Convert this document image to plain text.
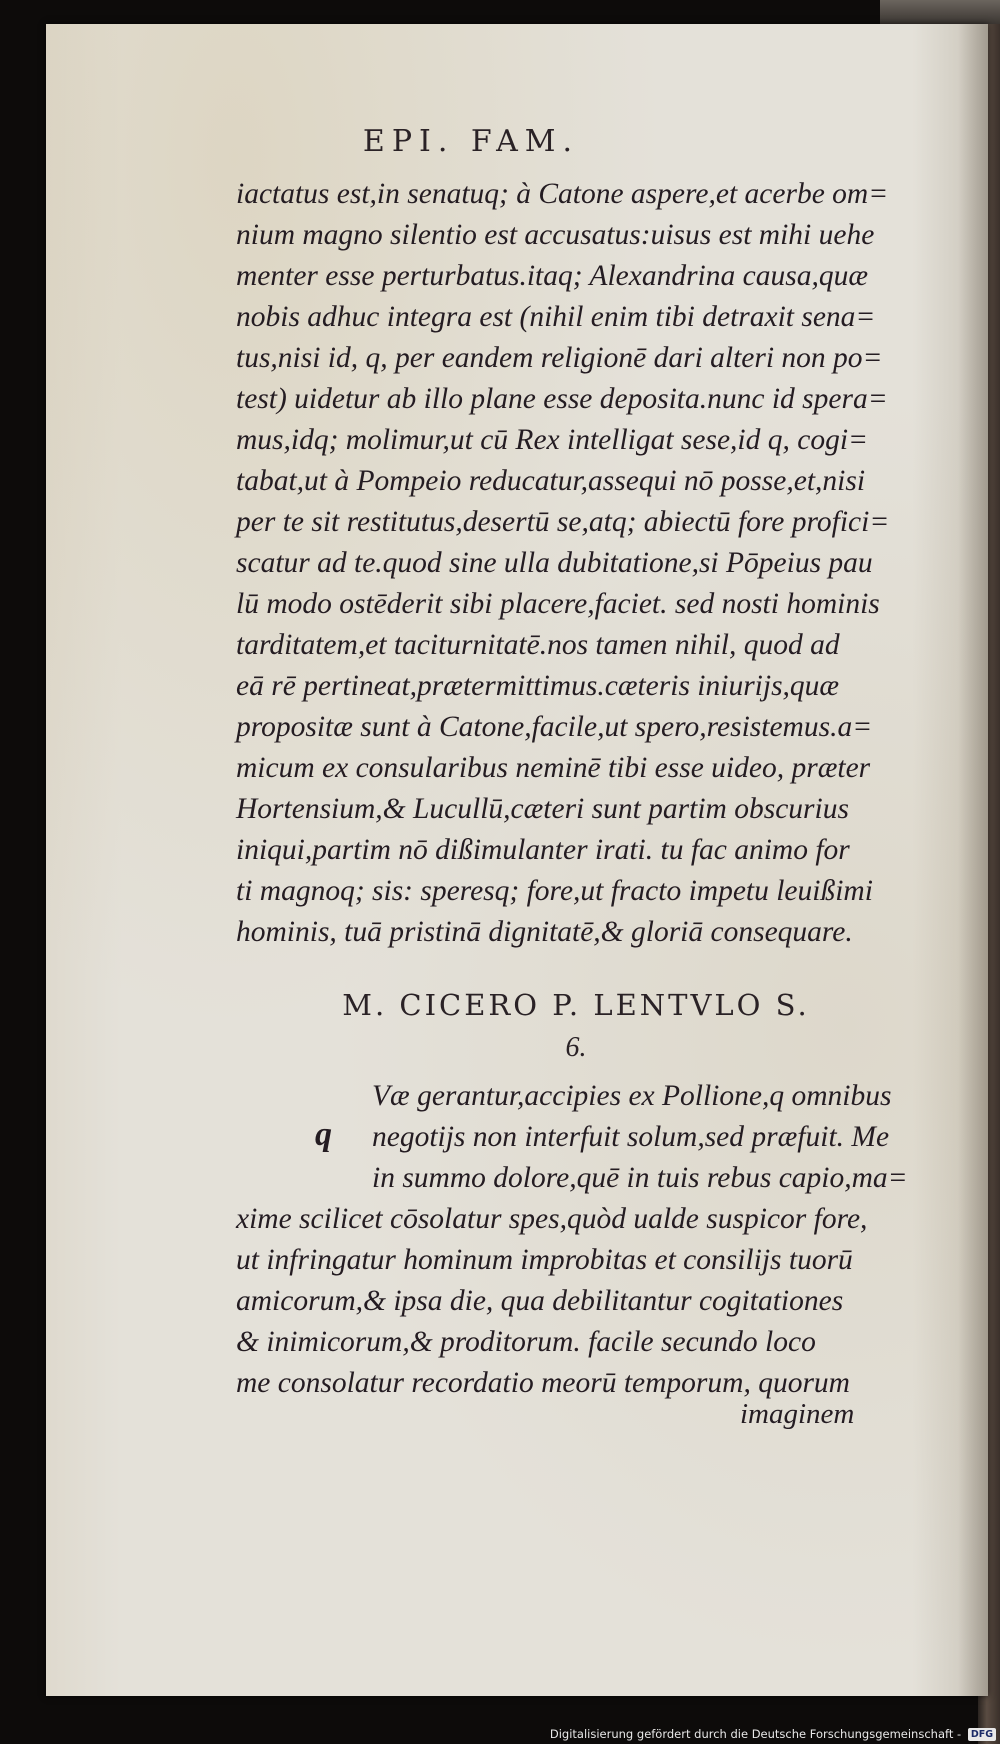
EPI. FAM.
iactatus est,in senatuq; à Catone aspere,et acerbe om=
nium magno silentio est accusatus:uisus est mihi uehe
menter esse perturbatus.itaq; Alexandrina causa,quæ
nobis adhuc integra est (nihil enim tibi detraxit sena=
tus,nisi id, q, per eandem religionē dari alteri non po=
test) uidetur ab illo plane esse deposita.nunc id spera=
mus,idq; molimur,ut cū Rex intelligat sese,id q, cogi=
tabat,ut à Pompeio reducatur,assequi nō posse,et,nisi
per te sit restitutus,desertū se,atq; abiectū fore profici=
scatur ad te.quod sine ulla dubitatione,si Pōpeius pau
lū modo ostēderit sibi placere,faciet. sed nosti hominis
tarditatem,et taciturnitatē.nos tamen nihil, quod ad
eā rē pertineat,prætermittimus.cæteris iniurijs,quæ
propositæ sunt à Catone,facile,ut spero,resistemus.a=
micum ex consularibus neminē tibi esse uideo, præter
Hortensium,& Lucullū,cæteri sunt partim obscurius
iniqui,partim nō dißimulanter irati. tu fac animo for
ti magnoq; sis: speresq; fore,ut fracto impetu leuißimi
hominis, tuā pristinā dignitatē,& gloriā consequare.
M. CICERO P. LENTVLO S.
6.
q
Væ gerantur,accipies ex Pollione,q omnibus
negotijs non interfuit solum,sed præfuit. Me
in summo dolore,quē in tuis rebus capio,ma=
xime scilicet cōsolatur spes,quòd ualde suspicor fore,
ut infringatur hominum improbitas et consilijs tuorū
amicorum,& ipsa die, qua debilitantur cogitationes
& inimicorum,& proditorum. facile secundo loco
me consolatur recordatio meorū temporum, quorum
imaginem
Digitalisierung gefördert durch die Deutsche Forschungsgemeinschaft - DFG
